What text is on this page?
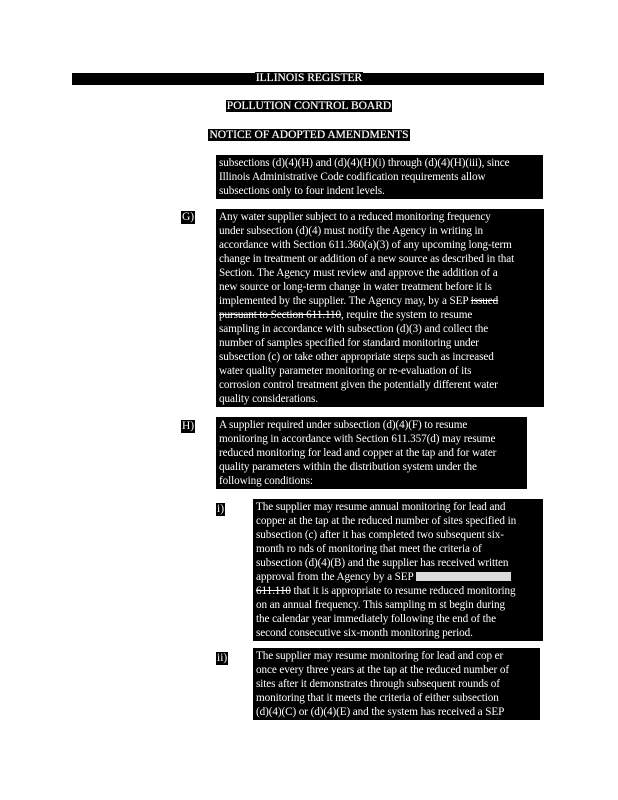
ILLINOIS REGISTER
POLLUTION CONTROL BOARD
NOTICE OF ADOPTED AMENDMENTS
subsections (d)(4)(H) and (d)(4)(H)(i) through (d)(4)(H)(iii), since
Illinois Administrative Code codification requirements allow
subsections only to four indent levels.
G) Any water supplier subject to a reduced monitoring frequency
under subsection (d)(4) must notify the Agency in writing in
accordance with Section 611.360(a)(3) of any upcoming long-term
change in treatment or addition of a new source as described in that
Section. The Agency must review and approve the addition of a
new source or long-term change in water treatment before it is
implemented by the supplier. The Agency may, by a SEP issued
pursuant to Section 611.110, require the system to resume
sampling in accordance with subsection (d)(3) and collect the
number of samples specified for standard monitoring under
subsection (c) or take other appropriate steps such as increased
water quality parameter monitoring or re-evaluation of its
corrosion control treatment given the potentially different water
quality considerations.
H) A supplier required under subsection (d)(4)(F) to resume
monitoring in accordance with Section 611.357(d) may resume
reduced monitoring for lead and copper at the tap and for water
quality parameters within the distribution system under the
following conditions:
i)	The supplier may resume annual monitoring for lead and
copper at the tap at the reduced number of sites specified in
subsection (c) after it has completed two subsequent six-
month ro nds of monitoring that meet the criteria of
subsection (d)(4)(B) and the supplier has received written
approval from the Agency by a SEP
611.110 that it is appropriate to resume reduced monitoring
on an annual frequency. This sampling m st begin during
the calendar year immediately following the end of the
second consecutive six-month monitoring period.
ii)	The supplier may resume monitoring for lead and cop er
once every three years at the tap at the reduced number of
sites after it demonstrates through subsequent rounds of
monitoring that it meets the criteria of either subsection
(d)(4)(C) or (d)(4)(E) and the system has received a SEP
